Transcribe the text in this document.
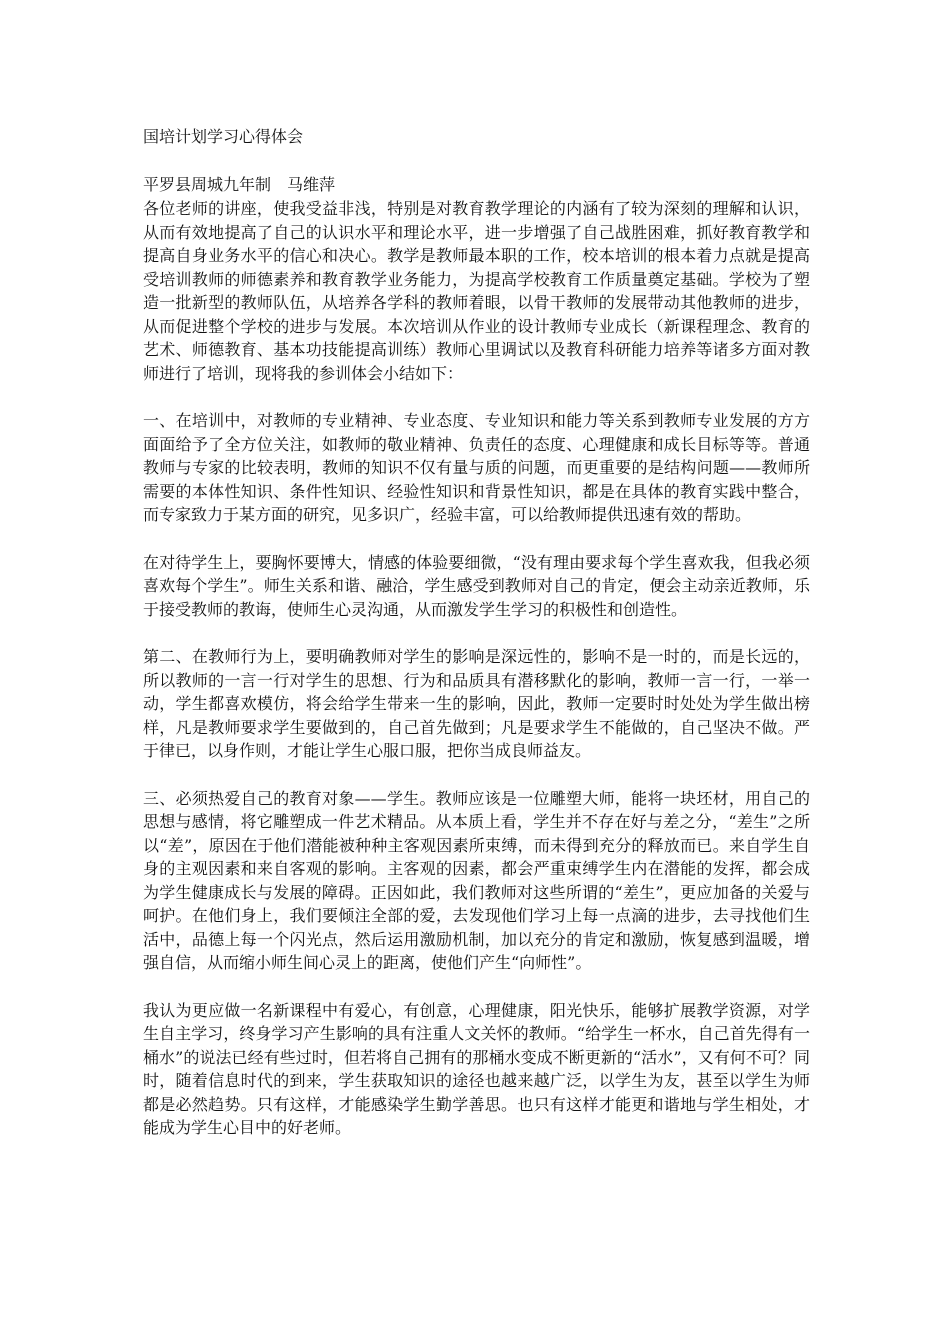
国培计划学习心得体会

平罗县周城九年制　马维萍

各位老师的讲座，使我受益非浅，特别是对教育教学理论的内涵有了较为深刻的理解和认识，从而有效地提高了自己的认识水平和理论水平，进一步增强了自己战胜困难，抓好教育教学和提高自身业务水平的信心和决心。教学是教师最本职的工作，校本培训的根本着力点就是提高受培训教师的师德素养和教育教学业务能力，为提高学校教育工作质量奠定基础。学校为了塑造一批新型的教师队伍，从培养各学科的教师着眼，以骨干教师的发展带动其他教师的进步，从而促进整个学校的进步与发展。本次培训从作业的设计教师专业成长（新课程理念、教育的艺术、师德教育、基本功技能提高训练）教师心里调试以及教育科研能力培养等诸多方面对教师进行了培训，现将我的参训体会小结如下：

一、在培训中，对教师的专业精神、专业态度、专业知识和能力等关系到教师专业发展的方方面面给予了全方位关注，如教师的敬业精神、负责任的态度、心理健康和成长目标等等。普通教师与专家的比较表明，教师的知识不仅有量与质的问题，而更重要的是结构问题——教师所需要的本体性知识、条件性知识、经验性知识和背景性知识，都是在具体的教育实践中整合，而专家致力于某方面的研究，见多识广，经验丰富，可以给教师提供迅速有效的帮助。

在对待学生上，要胸怀要博大，情感的体验要细微，“没有理由要求每个学生喜欢我，但我必须喜欢每个学生”。师生关系和谐、融洽，学生感受到教师对自己的肯定，便会主动亲近教师，乐于接受教师的教诲，使师生心灵沟通，从而激发学生学习的积极性和创造性。

第二、在教师行为上，要明确教师对学生的影响是深远性的，影响不是一时的，而是长远的，所以教师的一言一行对学生的思想、行为和品质具有潜移默化的影响，教师一言一行，一举一动，学生都喜欢模仿，将会给学生带来一生的影响，因此，教师一定要时时处处为学生做出榜样，凡是教师要求学生要做到的，自己首先做到；凡是要求学生不能做的，自己坚决不做。严于律已，以身作则，才能让学生心服口服，把你当成良师益友。

三、必须热爱自己的教育对象——学生。教师应该是一位雕塑大师，能将一块坯材，用自己的思想与感情，将它雕塑成一件艺术精品。从本质上看，学生并不存在好与差之分，“差生”之所以“差”，原因在于他们潜能被种种主客观因素所束缚，而未得到充分的释放而已。来自学生自身的主观因素和来自客观的影响。主客观的因素，都会严重束缚学生内在潜能的发挥，都会成为学生健康成长与发展的障碍。正因如此，我们教师对这些所谓的“差生”，更应加备的关爱与呵护。在他们身上，我们要倾注全部的爱，去发现他们学习上每一点滴的进步，去寻找他们生活中，品德上每一个闪光点，然后运用激励机制，加以充分的肯定和激励，恢复感到温暖，增强自信，从而缩小师生间心灵上的距离，使他们产生“向师性”。

我认为更应做一名新课程中有爱心，有创意，心理健康，阳光快乐，能够扩展教学资源，对学生自主学习，终身学习产生影响的具有注重人文关怀的教师。“给学生一杯水，自己首先得有一桶水”的说法已经有些过时，但若将自己拥有的那桶水变成不断更新的“活水”，又有何不可？同时，随着信息时代的到来，学生获取知识的途径也越来越广泛，以学生为友，甚至以学生为师都是必然趋势。只有这样，才能感染学生勤学善思。也只有这样才能更和谐地与学生相处，才能成为学生心目中的好老师。
